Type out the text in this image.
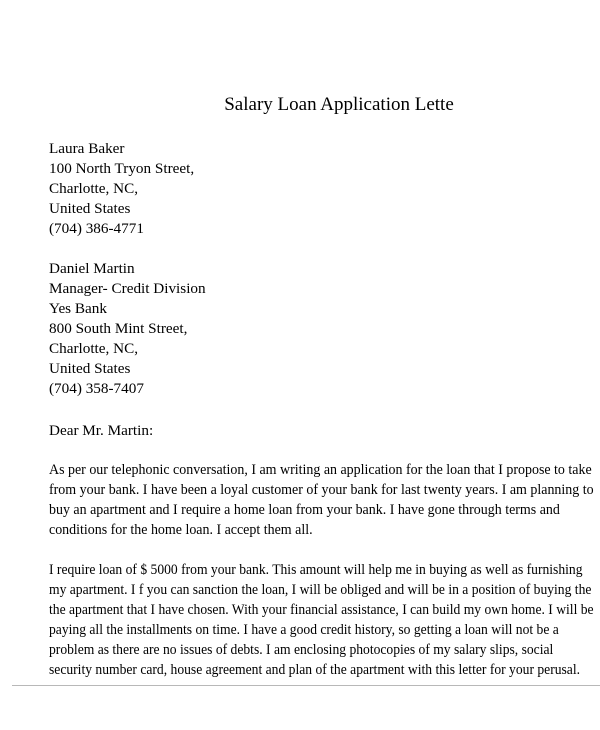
Salary Loan Application Lette
Laura Baker
100 North Tryon Street,
Charlotte, NC,
United States
(704) 386-4771
Daniel Martin
Manager- Credit Division
Yes Bank
800 South Mint Street,
Charlotte, NC,
United States
(704) 358-7407
Dear Mr. Martin:
As per our telephonic conversation, I am writing an application for the loan that I propose to take
from your bank. I have been a loyal customer of your bank for last twenty years. I am planning to
buy an apartment and I require a home loan from your bank. I have gone through terms and
conditions for the home loan. I accept them all.
I require loan of $ 5000 from your bank. This amount will help me in buying as well as furnishing
my apartment. I f you can sanction the loan, I will be obliged and will be in a position of buying the
the apartment that I have chosen. With your financial assistance, I can build my own home. I will be
paying all the installments on time. I have a good credit history, so getting a loan will not be a
problem as there are no issues of debts. I am enclosing photocopies of my salary slips, social
security number card, house agreement and plan of the apartment with this letter for your perusal.
